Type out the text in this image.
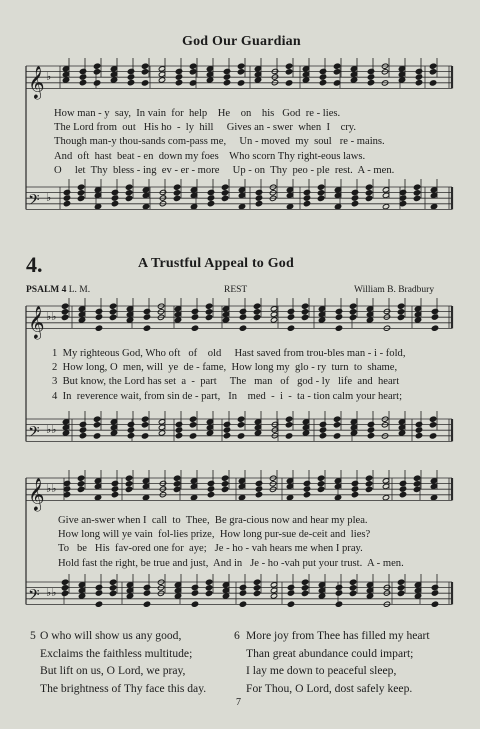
𝄞 ♭
𝄢 ♭
𝄞 ♭♭
𝄢 ♭♭
𝄞 ♭♭
𝄢 ♭♭
God Our Guardian
How man - y  say,  In vain  for  help    He    on    his   God  re - lies.
The Lord from  out   His ho  -  ly  hill     Gives an - swer  when  I    cry.
Though man-y thou-sands com-pass me,     Un - moved  my  soul   re - mains.
And  oft  hast  beat - en  down my foes    Who scorn Thy right-eous laws.
O     let  Thy  bless - ing  ev - er - more     Up - on  Thy  peo - ple  rest.  A - men.
4.	A Trustful Appeal to God
PSALM 4 L. M.	REST	William B. Bradbury
1  My righteous God, Who oft   of    old     Hast saved from trou-bles man - i - fold,
2  How long, O  men, will  ye  de - fame,  How long my  glo - ry  turn  to  shame,
3  But know, the Lord has set  a  -  part     The   man   of   god - ly   life  and  heart
4  In  reverence wait, from sin de - part,   In    med  -  i  -  ta - tion calm your heart;
Give an-swer when I  call  to  Thee,  Be gra-cious now and hear my plea.
How long will ye vain  fol-lies prize,  How long pur-sue de-ceit and  lies?
To   be   His  fav-ored one for  aye;   Je - ho - vah hears me when I pray.
Hold fast the right, be true and just,  And in   Je - ho -vah put your trust.  A - men.
5 O who will show us any good,
Exclaims the faithless multitude;
But lift on us, O Lord, we pray,
The brightness of Thy face this day.
6 More joy from Thee has filled my heart
Than great abundance could impart;
I lay me down to peaceful sleep,
For Thou, O Lord, dost safely keep.
7
